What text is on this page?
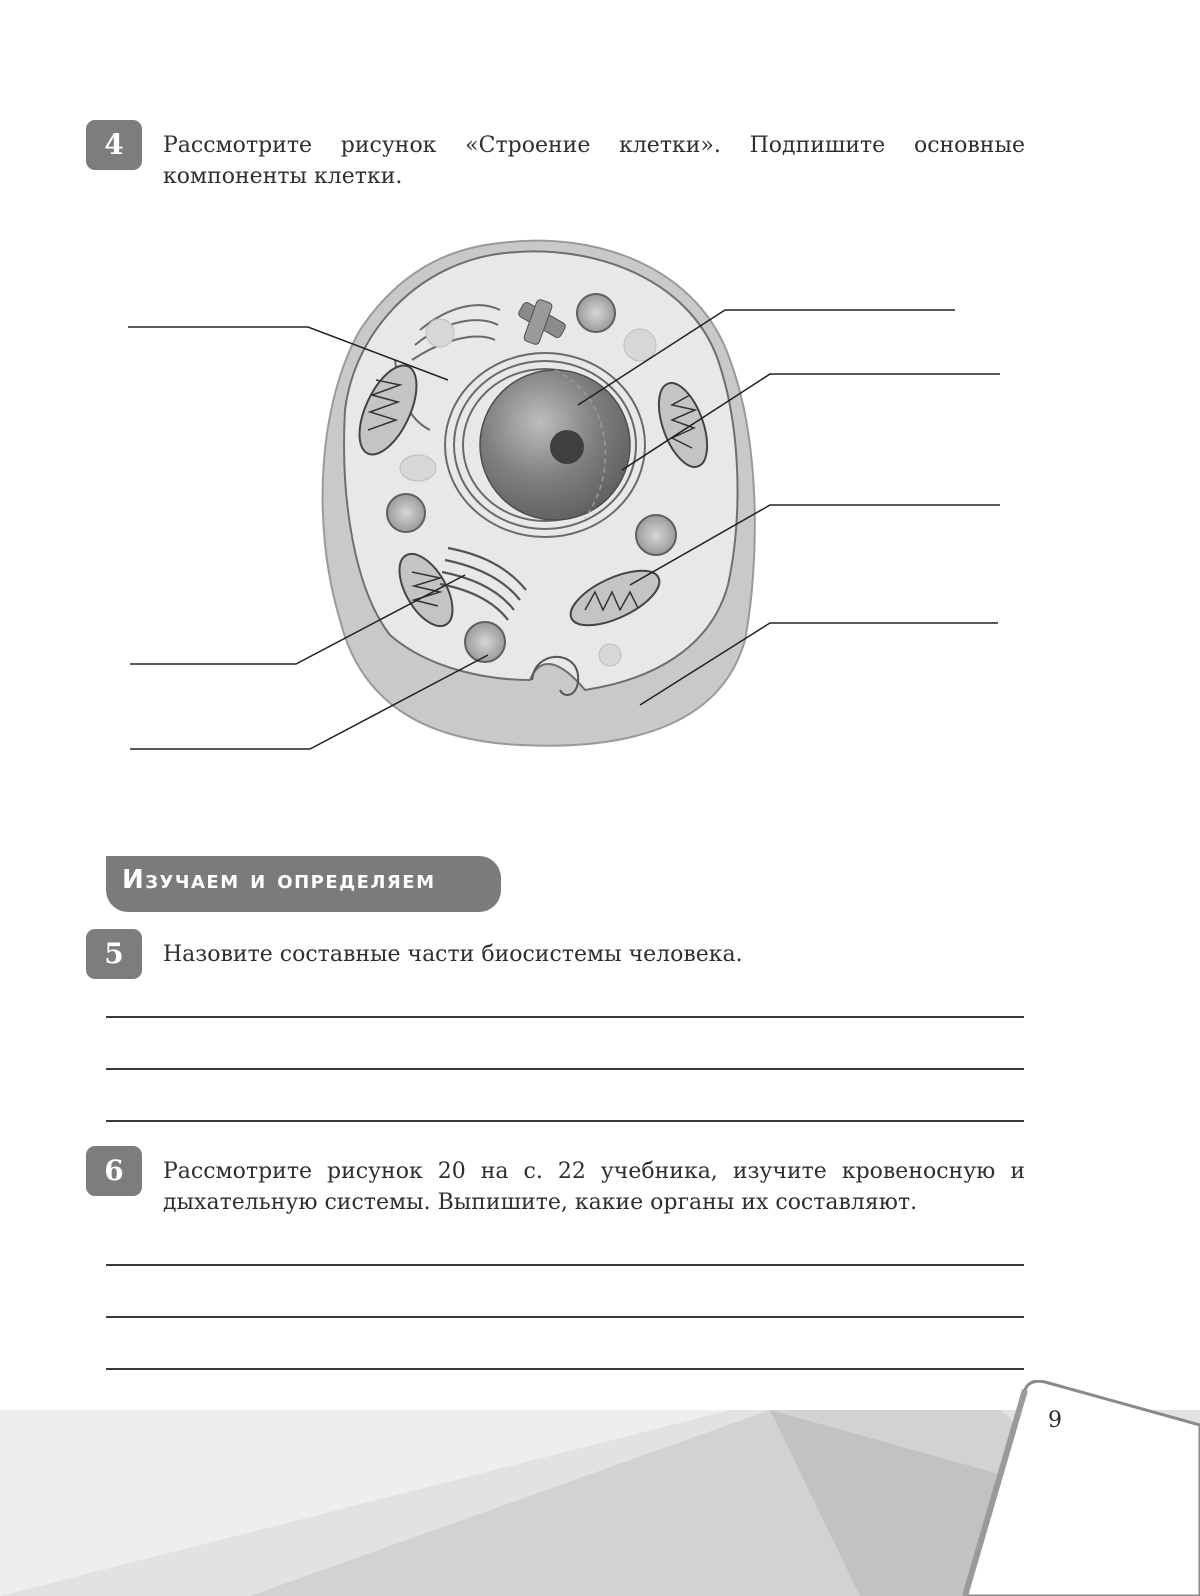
4	Рассмотрите рисунок «Строение клетки». Подпишите основные компоненты клетки.

Изучаем и определяем
5	Назовите составные части биосистемы человека.

6	Рассмотрите рисунок 20 на с. 22 учебника, изучите кровеносную и дыхательную системы. Выпишите, какие органы их составляют.

9
